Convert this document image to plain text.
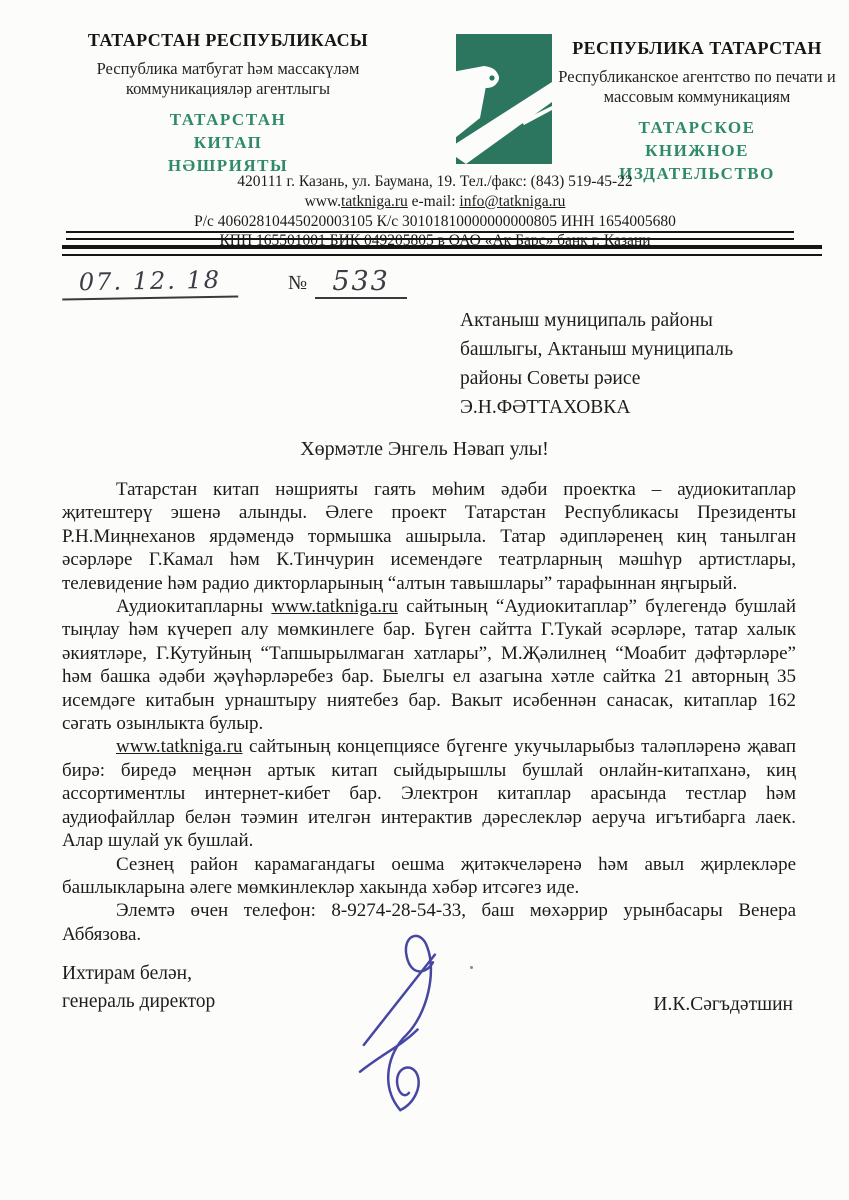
ТАТАРСТАН РЕСПУБЛИКАСЫ
Республика матбугат һәм массакүләм коммуникацияләр агентлыгы
ТАТАРСТАН
КИТАП
НӘШРИЯТЫ
РЕСПУБЛИКА ТАТАРСТАН
Республиканское агентство по печати и массовым коммуникациям
ТАТАРСКОЕ
КНИЖНОЕ
ИЗДАТЕЛЬСТВО
420111 г. Казань, ул. Баумана, 19. Тел./факс: (843) 519-45-22
www.tatkniga.ru e-mail: info@tatkniga.ru
Р/с 40602810445020003105 К/с 30101810000000000805 ИНН 1654005680
КПП 165501001 БИК 049205805 в ОАО «Ак Барс» банк г. Казани
07. 12. 18	№ 533
Актаныш муниципаль районы
башлыгы, Актаныш муниципаль
районы Советы рәисе
Э.Н.ФӘТТАХОВКА
Хөрмәтле Энгель Нәвап улы!

Татарстан китап нәшрияты гаять мөһим әдәби проектка – аудиокитаплар җитештерү эшенә алынды. Әлеге проект Татарстан Республикасы Президенты Р.Н.Миңнеханов ярдәмендә тормышка ашырыла. Татар әдипләренең киң танылган әсәрләре Г.Камал һәм К.Тинчурин исемендәге театрларның мәшһүр артистлары, телевидение һәм радио дикторларының “алтын тавышлары” тарафыннан яңгырый.

Аудиокитапларны www.tatkniga.ru сайтының “Аудиокитаплар” бүлегендә бушлай тыңлау һәм күчереп алу мөмкинлеге бар. Бүген сайтта Г.Тукай әсәрләре, татар халык әкиятләре, Г.Кутуйның “Тапшырылмаган хатлары”, М.Җәлилнең “Моабит дәфтәрләре” һәм башка әдәби җәүһәрләребез бар. Быелгы ел азагына хәтле сайтка 21 авторның 35 исемдәге китабын урнаштыру ниятебез бар. Вакыт исәбеннән санасак, китаплар 162 сәгать озынлыкта булыр.

www.tatkniga.ru сайтының концепциясе бүгенге укучыларыбыз таләпләренә җавап бирә: биредә меңнән артык китап сыйдырышлы бушлай онлайн-китапханә, киң ассортиментлы интернет-кибет бар. Электрон китаплар арасында тестлар һәм аудиофайллар белән тәэмин ителгән интерактив дәреслекләр аеруча игътибарга лаек. Алар шулай ук бушлай.

Сезнең район карамагандагы оешма җитәкчеләренә һәм авыл җирлекләре башлыкларына әлеге мөмкинлекләр хакында хәбәр итсәгез иде.

Элемтә өчен телефон: 8-9274-28-54-33, баш мөхәррир урынбасары Венера Аббязова.

Ихтирам белән,
генераль директор	И.К.Сәгъдәтшин
